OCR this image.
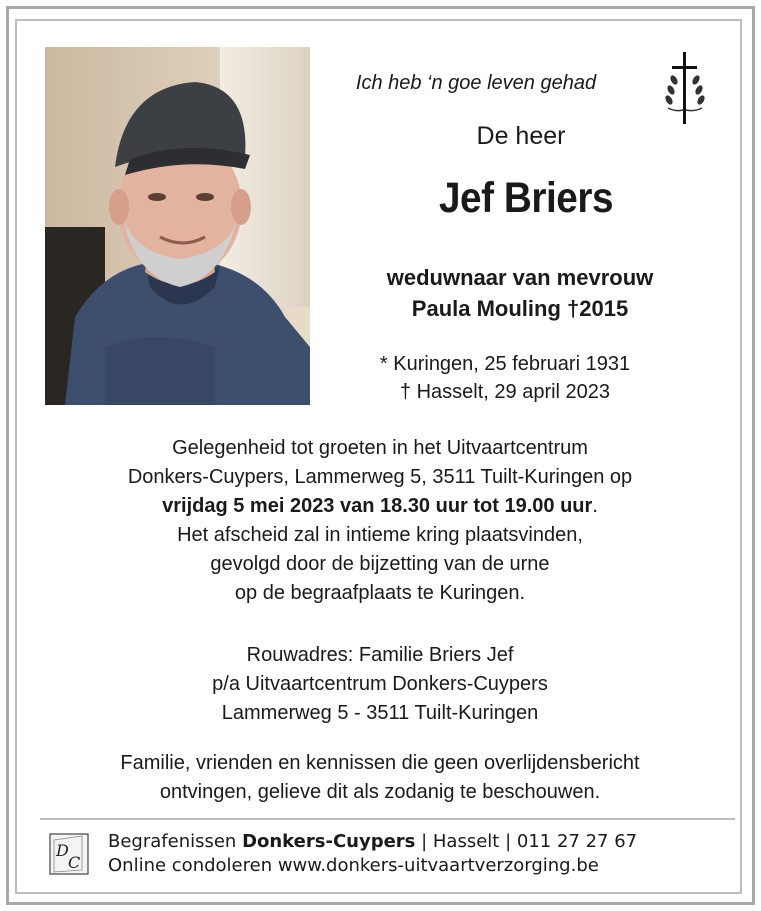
Ich heb ‘n goe leven gehad
De heer
Jef Briers
weduwnaar van mevrouw
Paula Mouling †2015
* Kuringen, 25 februari 1931
† Hasselt, 29 april 2023
Gelegenheid tot groeten in het Uitvaartcentrum
Donkers-Cuypers, Lammerweg 5, 3511 Tuilt-Kuringen op
vrijdag 5 mei 2023 van 18.30 uur tot 19.00 uur.
Het afscheid zal in intieme kring plaatsvinden,
gevolgd door de bijzetting van de urne
op de begraafplaats te Kuringen.
Rouwadres: Familie Briers Jef
p/a Uitvaartcentrum Donkers-Cuypers
Lammerweg 5 - 3511 Tuilt-Kuringen
Familie, vrienden en kennissen die geen overlijdensbericht
ontvingen, gelieve dit als zodanig te beschouwen.
D
C
Begrafenissen Donkers-Cuypers | Hasselt | 011 27 27 67
Online condoleren www.donkers-uitvaartverzorging.be
